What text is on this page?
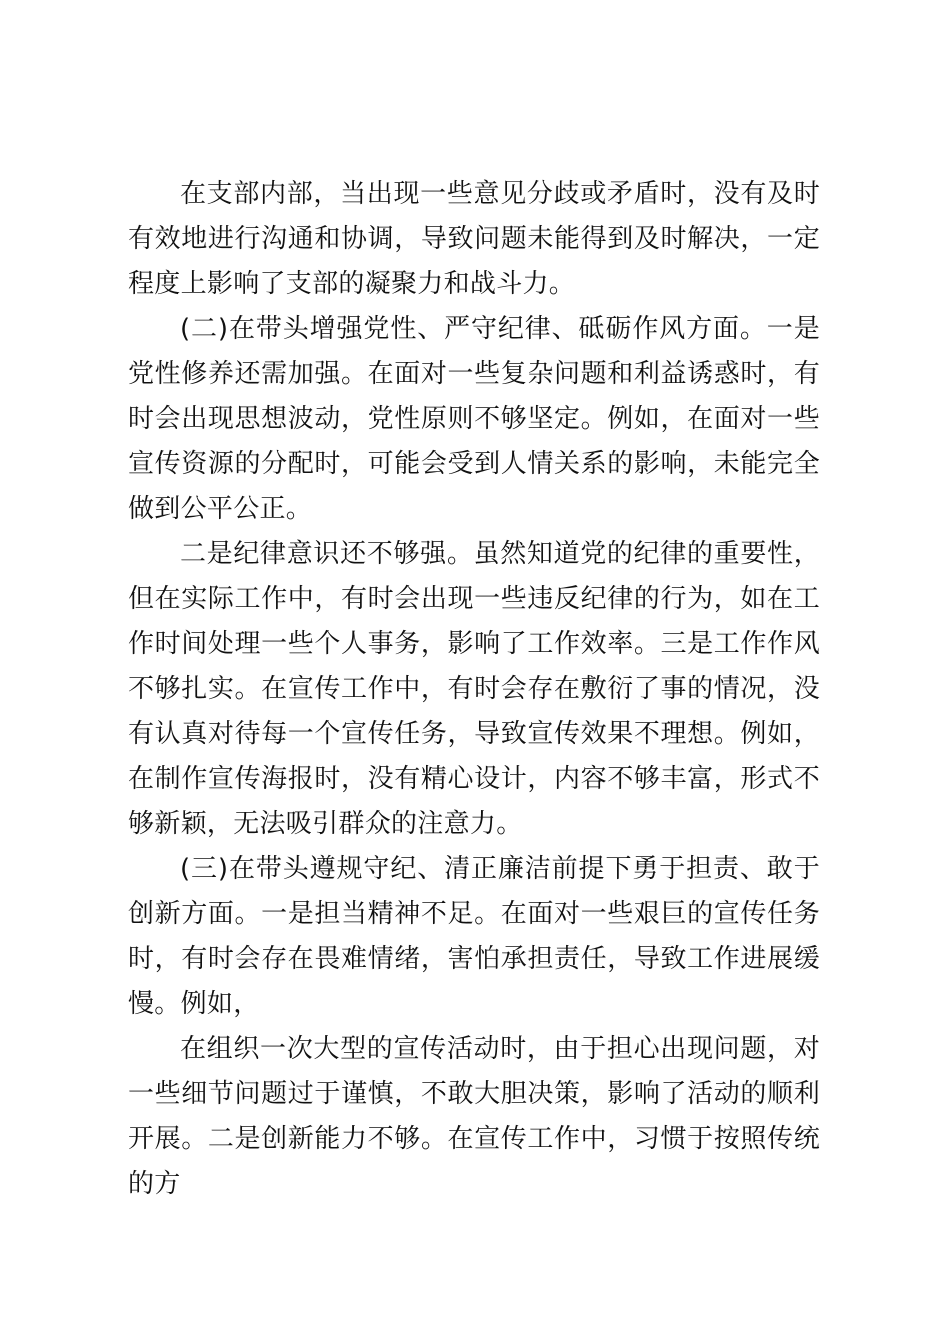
在支部内部，当出现一些意见分歧或矛盾时，没有及时有效地进行沟通和协调，导致问题未能得到及时解决，一定程度上影响了支部的凝聚力和战斗力。

(二)在带头增强党性、严守纪律、砥砺作风方面。一是党性修养还需加强。在面对一些复杂问题和利益诱惑时，有时会出现思想波动，党性原则不够坚定。例如，在面对一些宣传资源的分配时，可能会受到人情关系的影响，未能完全做到公平公正。

二是纪律意识还不够强。虽然知道党的纪律的重要性，但在实际工作中，有时会出现一些违反纪律的行为，如在工作时间处理一些个人事务，影响了工作效率。三是工作作风不够扎实。在宣传工作中，有时会存在敷衍了事的情况，没有认真对待每一个宣传任务，导致宣传效果不理想。例如，在制作宣传海报时，没有精心设计，内容不够丰富，形式不够新颖，无法吸引群众的注意力。

(三)在带头遵规守纪、清正廉洁前提下勇于担责、敢于创新方面。一是担当精神不足。在面对一些艰巨的宣传任务时，有时会存在畏难情绪，害怕承担责任，导致工作进展缓慢。例如，

在组织一次大型的宣传活动时，由于担心出现问题，对一些细节问题过于谨慎，不敢大胆决策，影响了活动的顺利开展。二是创新能力不够。在宣传工作中，习惯于按照传统的方
